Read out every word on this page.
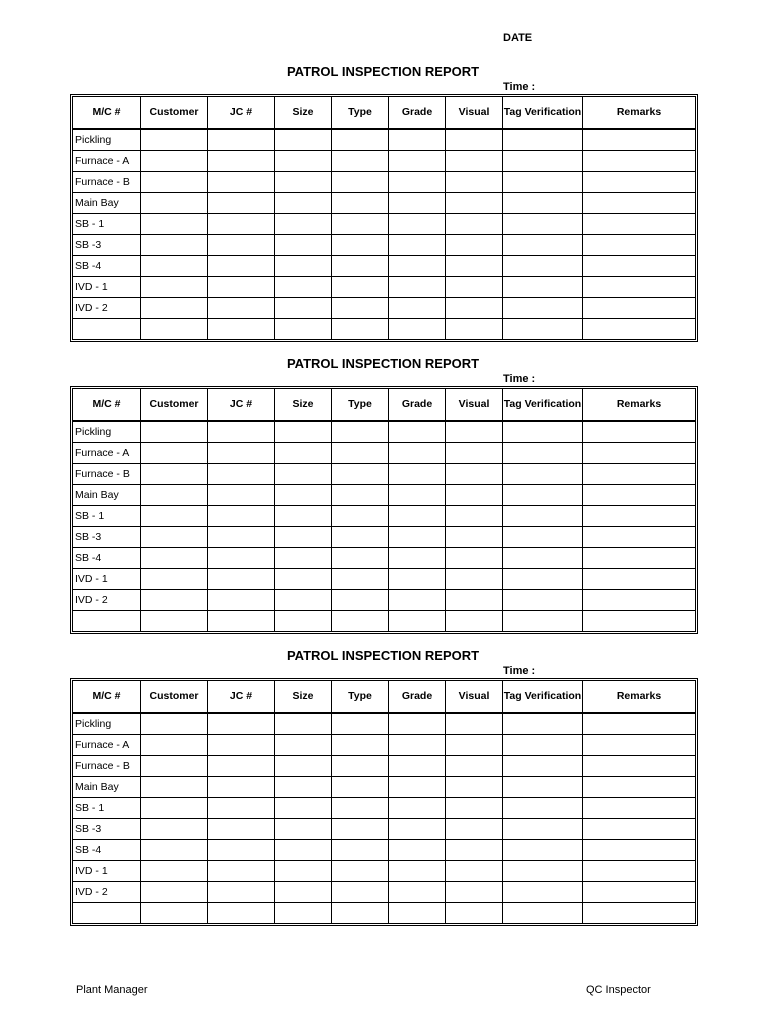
DATE
PATROL INSPECTION REPORT
Time :
M/C #	Customer	JC #	Size	Type	Grade	Visual	Tag Verification	Remarks
Pickling								
Furnace - A								
Furnace - B								
Main Bay								
SB - 1								
SB -3								
SB -4								
IVD - 1								
IVD - 2								

PATROL INSPECTION REPORT
Time :
M/C #	Customer	JC #	Size	Type	Grade	Visual	Tag Verification	Remarks
Pickling								
Furnace - A								
Furnace - B								
Main Bay								
SB - 1								
SB -3								
SB -4								
IVD - 1								
IVD - 2								

PATROL INSPECTION REPORT
Time :
M/C #	Customer	JC #	Size	Type	Grade	Visual	Tag Verification	Remarks
Pickling								
Furnace - A								
Furnace - B								
Main Bay								
SB - 1								
SB -3								
SB -4								
IVD - 1								
IVD - 2								

Plant Manager	QC Inspector
